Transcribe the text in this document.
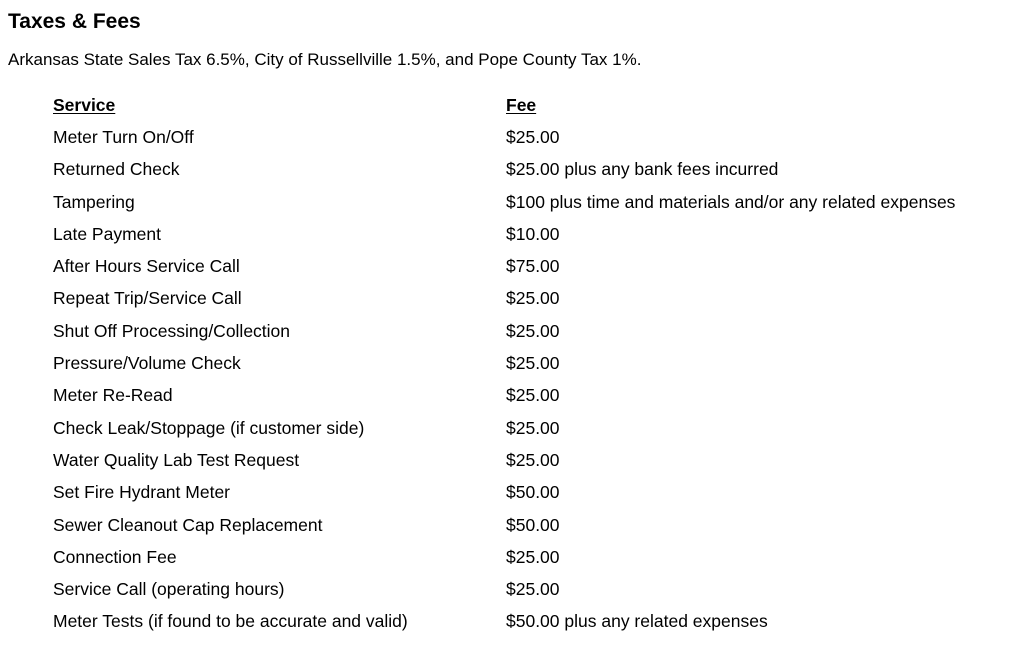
Taxes & Fees

Arkansas State Sales Tax 6.5%, City of Russellville 1.5%, and Pope County Tax 1%.

Service	Fee
Meter Turn On/Off	$25.00
Returned Check	$25.00 plus any bank fees incurred
Tampering	$100 plus time and materials and/or any related expenses
Late Payment	$10.00
After Hours Service Call	$75.00
Repeat Trip/Service Call	$25.00
Shut Off Processing/Collection	$25.00
Pressure/Volume Check	$25.00
Meter Re-Read	$25.00
Check Leak/Stoppage (if customer side)	$25.00
Water Quality Lab Test Request	$25.00
Set Fire Hydrant Meter	$50.00
Sewer Cleanout Cap Replacement	$50.00
Connection Fee	$25.00
Service Call (operating hours)	$25.00
Meter Tests (if found to be accurate and valid)	$50.00 plus any related expenses
